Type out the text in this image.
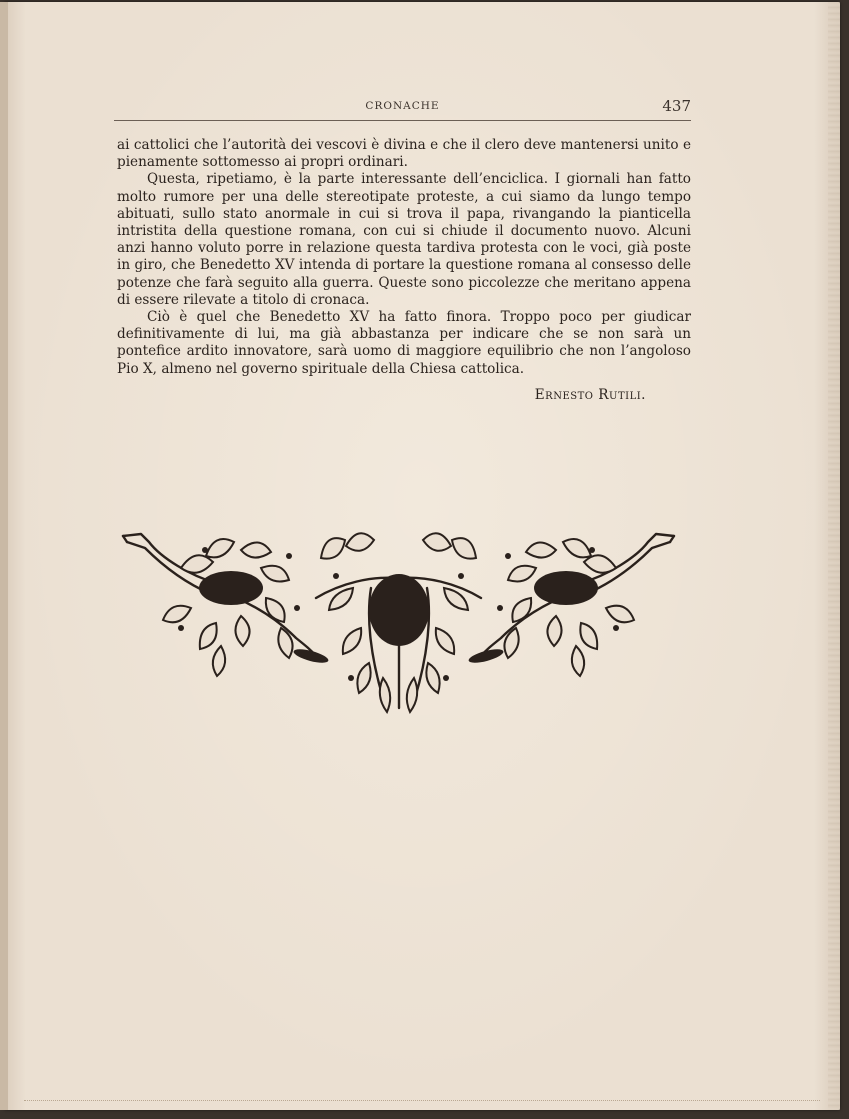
CRONACHE	437

ai cattolici che l’autorità dei vescovi è divina e che il clero deve mantenersi unito e pienamente sottomesso ai propri ordinari.

Questa, ripetiamo, è la parte interessante dell’enciclica. I giornali han fatto molto rumore per una delle stereotipate proteste, a cui siamo da lungo tempo abituati, sullo stato anormale in cui si trova il papa, rivangando la pianticella intristita della questione romana, con cui si chiude il documento nuovo. Alcuni anzi hanno voluto porre in relazione questa tardiva protesta con le voci, già poste in giro, che Benedetto XV intenda di portare la questione romana al consesso delle potenze che farà seguito alla guerra. Queste sono piccolezze che meritano appena di essere rilevate a titolo di cronaca.

Ciò è quel che Benedetto XV ha fatto finora. Troppo poco per giudicar definitivamente di lui, ma già abbastanza per indicare che se non sarà un pontefice ardito innovatore, sarà uomo di maggiore equilibrio che non l’angoloso Pio X, almeno nel governo spirituale della Chiesa cattolica.

Ernesto Rutili.
